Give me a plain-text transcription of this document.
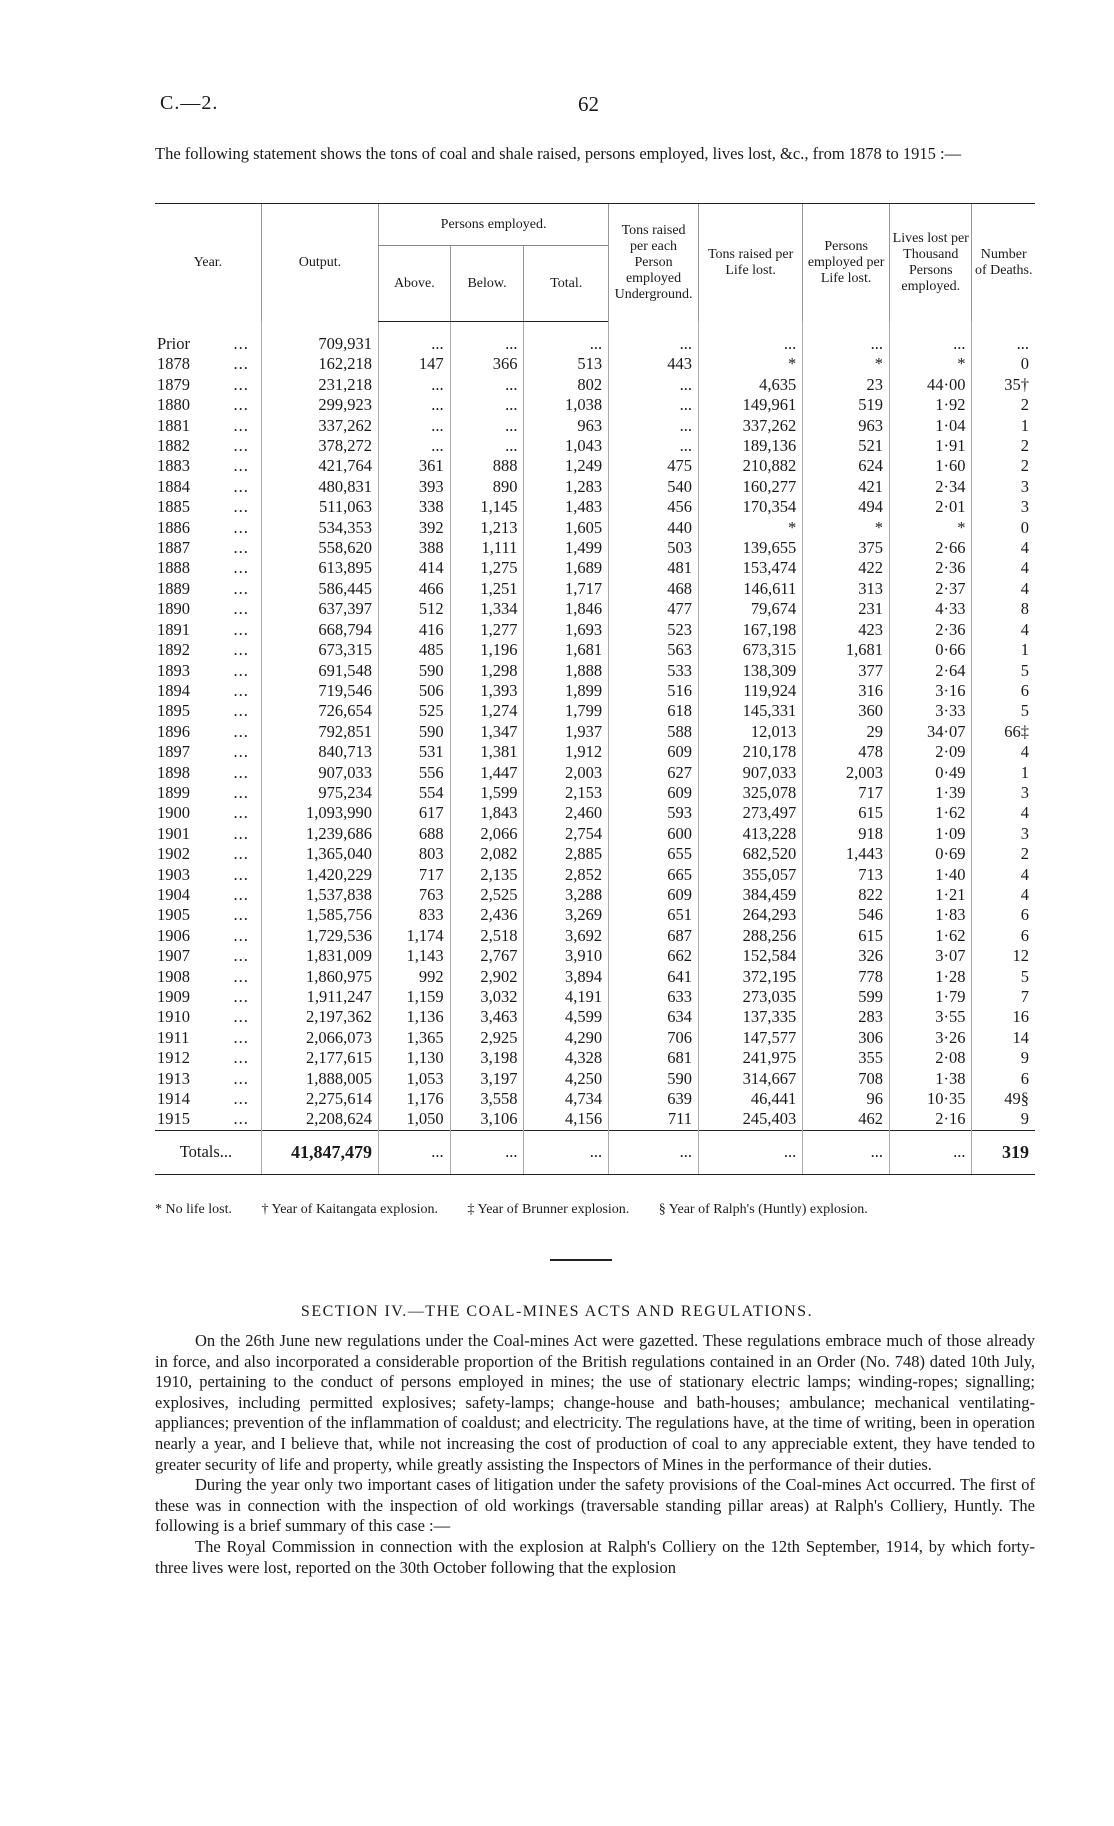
C.—2.	62
The following statement shows the tons of coal and shale raised, persons employed, lives lost, &c., from 1878 to 1915 :—
Year.	Output.	Persons employed.			Tons raised per each Person employed Underground.	Tons raised per Life lost.	Persons employed per Life lost.	Lives lost per Thousand Persons employed.	Number of Deaths.
		Above.	Below.	Total.					
Prior ...	709,931	...	...	...	...	...	...	...	...
1878 ...	162,218	147	366	513	443	*	*	*	0
1879 ...	231,218	...	...	802	...	4,635	23	44·00	35†
1880 ...	299,923	...	...	1,038	...	149,961	519	1·92	2
1881 ...	337,262	...	...	963	...	337,262	963	1·04	1
1882 ...	378,272	...	...	1,043	...	189,136	521	1·91	2
1883 ...	421,764	361	888	1,249	475	210,882	624	1·60	2
1884 ...	480,831	393	890	1,283	540	160,277	421	2·34	3
1885 ...	511,063	338	1,145	1,483	456	170,354	494	2·01	3
1886 ...	534,353	392	1,213	1,605	440	*	*	*	0
1887 ...	558,620	388	1,111	1,499	503	139,655	375	2·66	4
1888 ...	613,895	414	1,275	1,689	481	153,474	422	2·36	4
1889 ...	586,445	466	1,251	1,717	468	146,611	313	2·37	4
1890 ...	637,397	512	1,334	1,846	477	79,674	231	4·33	8
1891 ...	668,794	416	1,277	1,693	523	167,198	423	2·36	4
1892 ...	673,315	485	1,196	1,681	563	673,315	1,681	0·66	1
1893 ...	691,548	590	1,298	1,888	533	138,309	377	2·64	5
1894 ...	719,546	506	1,393	1,899	516	119,924	316	3·16	6
1895 ...	726,654	525	1,274	1,799	618	145,331	360	3·33	5
1896 ...	792,851	590	1,347	1,937	588	12,013	29	34·07	66‡
1897 ...	840,713	531	1,381	1,912	609	210,178	478	2·09	4
1898 ...	907,033	556	1,447	2,003	627	907,033	2,003	0·49	1
1899 ...	975,234	554	1,599	2,153	609	325,078	717	1·39	3
1900 ...	1,093,990	617	1,843	2,460	593	273,497	615	1·62	4
1901 ...	1,239,686	688	2,066	2,754	600	413,228	918	1·09	3
1902 ...	1,365,040	803	2,082	2,885	655	682,520	1,443	0·69	2
1903 ...	1,420,229	717	2,135	2,852	665	355,057	713	1·40	4
1904 ...	1,537,838	763	2,525	3,288	609	384,459	822	1·21	4
1905 ...	1,585,756	833	2,436	3,269	651	264,293	546	1·83	6
1906 ...	1,729,536	1,174	2,518	3,692	687	288,256	615	1·62	6
1907 ...	1,831,009	1,143	2,767	3,910	662	152,584	326	3·07	12
1908 ...	1,860,975	992	2,902	3,894	641	372,195	778	1·28	5
1909 ...	1,911,247	1,159	3,032	4,191	633	273,035	599	1·79	7
1910 ...	2,197,362	1,136	3,463	4,599	634	137,335	283	3·55	16
1911 ...	2,066,073	1,365	2,925	4,290	706	147,577	306	3·26	14
1912 ...	2,177,615	1,130	3,198	4,328	681	241,975	355	2·08	9
1913 ...	1,888,005	1,053	3,197	4,250	590	314,667	708	1·38	6
1914 ...	2,275,614	1,176	3,558	4,734	639	46,441	96	10·35	49§
1915 ...	2,208,624	1,050	3,106	4,156	711	245,403	462	2·16	9
Totals...	41,847,479	...	...	...	...	...	...	...	319
* No life lost. † Year of Kaitangata explosion. ‡ Year of Brunner explosion. § Year of Ralph's (Huntly) explosion.
SECTION IV.—THE COAL-MINES ACTS AND REGULATIONS.

On the 26th June new regulations under the Coal-mines Act were gazetted. These regulations embrace much of those already in force, and also incorporated a considerable proportion of the British regulations contained in an Order (No. 748) dated 10th July, 1910, pertaining to the conduct of persons employed in mines; the use of stationary electric lamps; winding-ropes; signalling; explosives, including permitted explosives; safety-lamps; change-house and bath-houses; ambulance; mechanical ventilating-appliances; prevention of the inflammation of coaldust; and electricity. The regulations have, at the time of writing, been in operation nearly a year, and I believe that, while not increasing the cost of production of coal to any appreciable extent, they have tended to greater security of life and property, while greatly assisting the Inspectors of Mines in the performance of their duties.

During the year only two important cases of litigation under the safety provisions of the Coal-mines Act occurred. The first of these was in connection with the inspection of old workings (traversable standing pillar areas) at Ralph's Colliery, Huntly. The following is a brief summary of this case :—

The Royal Commission in connection with the explosion at Ralph's Colliery on the 12th September, 1914, by which forty-three lives were lost, reported on the 30th October following that the explosion
